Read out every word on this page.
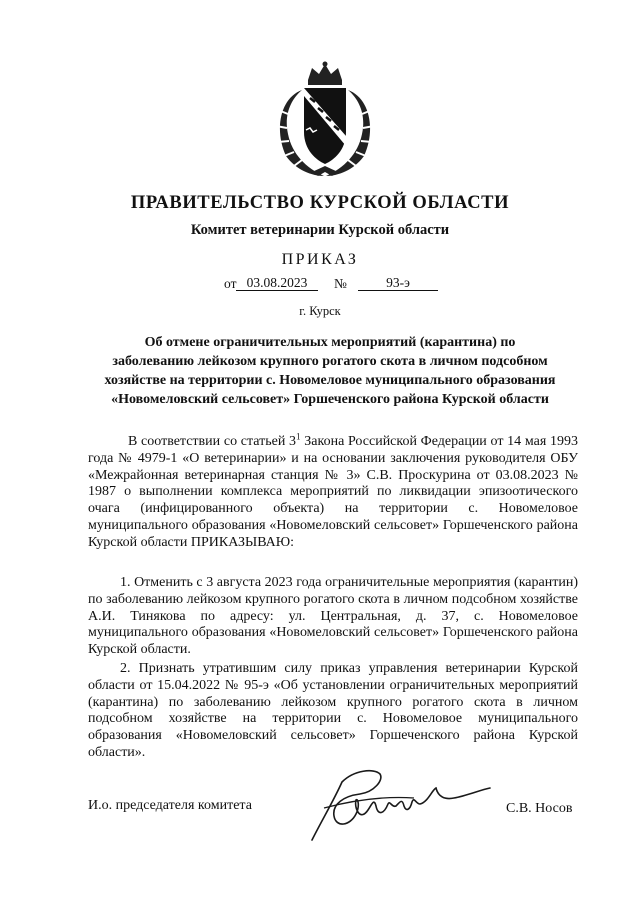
ПРАВИТЕЛЬСТВО КУРСКОЙ ОБЛАСТИ
Комитет ветеринарии Курской области
ПРИКАЗ
от 03.08.2023	№	93-э
г. Курск
Об отмене ограничительных мероприятий (карантина) по
заболеванию лейкозом крупного рогатого скота в личном подсобном
хозяйстве на территории с. Новомеловое муниципального образования
«Новомеловский сельсовет» Горшеченского района Курской области
В соответствии со статьей $3^1$ Закона Российской Федерации от 14 мая 1993 года № 4979-1 «О ветеринарии» и на основании заключения руководителя ОБУ «Межрайонная ветеринарная станция № 3» С.В. Проскурина от 03.08.2023 № 1987 о выполнении комплекса мероприятий по ликвидации эпизоотического очага (инфицированного объекта) на территории с. Новомеловое муниципального образования «Новомеловский сельсовет» Горшеченского района Курской области ПРИКАЗЫВАЮ:
1. Отменить с 3 августа 2023 года ограничительные мероприятия (карантин) по заболеванию лейкозом крупного рогатого скота в личном подсобном хозяйстве А.И. Тинякова по адресу: ул. Центральная, д. 37, с. Новомеловое муниципального образования «Новомеловский сельсовет» Горшеченского района Курской области.
2. Признать утратившим силу приказ управления ветеринарии Курской области от 15.04.2022 № 95-э «Об установлении ограничительных мероприятий (карантина) по заболеванию лейкозом крупного рогатого скота в личном подсобном хозяйстве на территории с. Новомеловое муниципального образования «Новомеловский сельсовет» Горшеченского района Курской области».
И.о. председателя комитета	С.В. Носов
